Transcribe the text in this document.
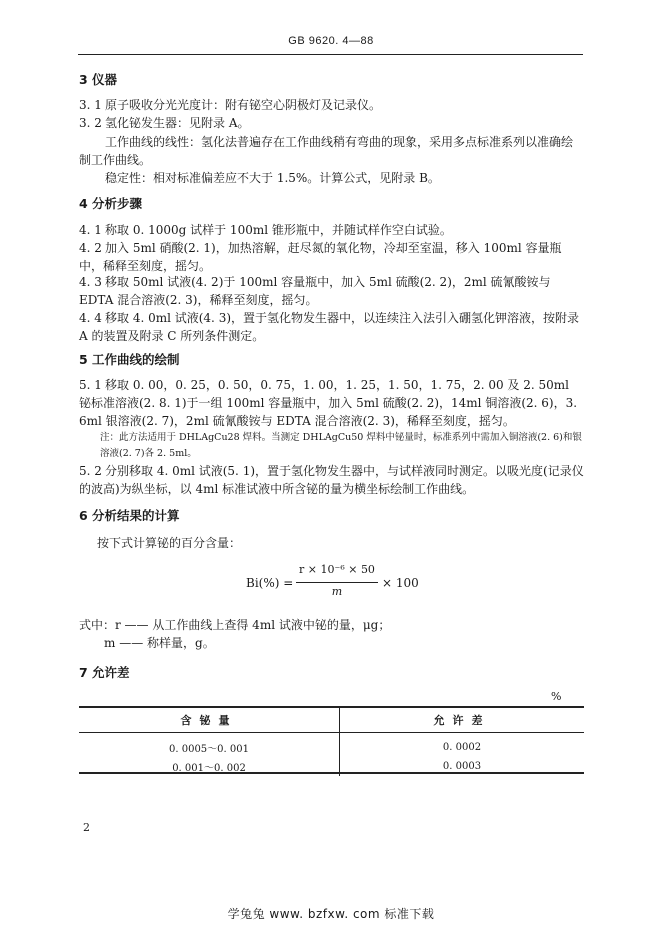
GB 9620. 4—88
3 仪器
3. 1 原子吸收分光光度计：附有铋空心阴极灯及记录仪。
3. 2 氢化铋发生器：见附录 A。
工作曲线的线性：氢化法普遍存在工作曲线稍有弯曲的现象，采用多点标准系列以准确绘制工作曲线。
稳定性：相对标准偏差应不大于 1.5%。计算公式，见附录 B。
4 分析步骤
4. 1 称取 0. 1000g 试样于 100ml 锥形瓶中，并随试样作空白试验。
4. 2 加入 5ml 硝酸(2. 1)，加热溶解，赶尽氮的氧化物，冷却至室温，移入 100ml 容量瓶中，稀释至刻度，摇匀。
4. 3 移取 50ml 试液(4. 2)于 100ml 容量瓶中，加入 5ml 硫酸(2. 2)，2ml 硫氰酸铵与 EDTA 混合溶液(2. 3)，稀释至刻度，摇匀。
4. 4 移取 4. 0ml 试液(4. 3)，置于氢化物发生器中，以连续注入法引入硼氢化钾溶液，按附录 A 的装置及附录 C 所列条件测定。
5 工作曲线的绘制
5. 1 移取 0. 00，0. 25，0. 50，0. 75，1. 00，1. 25，1. 50，1. 75，2. 00 及 2. 50ml 铋标准溶液(2. 8. 1)于一组 100ml 容量瓶中，加入 5ml 硫酸(2. 2)，14ml 铜溶液(2. 6)，3. 6ml 银溶液(2. 7)，2ml 硫氰酸铵与 EDTA 混合溶液(2. 3)，稀释至刻度，摇匀。
注：此方法适用于 DHLAgCu28 焊料。当测定 DHLAgCu50 焊料中铋量时，标准系列中需加入铜溶液(2. 6)和银溶液(2. 7)各 2. 5ml。
5. 2 分别移取 4. 0ml 试液(5. 1)，置于氢化物发生器中，与试样液同时测定。以吸光度(记录仪的波高)为纵坐标，以 4ml 标准试液中所含铋的量为横坐标绘制工作曲线。
6 分析结果的计算
按下式计算铋的百分含量：
Bi(%) =
r × 10⁻⁶ × 50
m
× 100
式中：r —— 从工作曲线上查得 4ml 试液中铋的量，μg；
m —— 称样量，g。
7 允许差
%
含铋量	允许差
0. 0005～0. 001	0. 0002
0. 001～0. 002	0. 0003
2
学兔兔 www. bzfxw. com 标准下载
